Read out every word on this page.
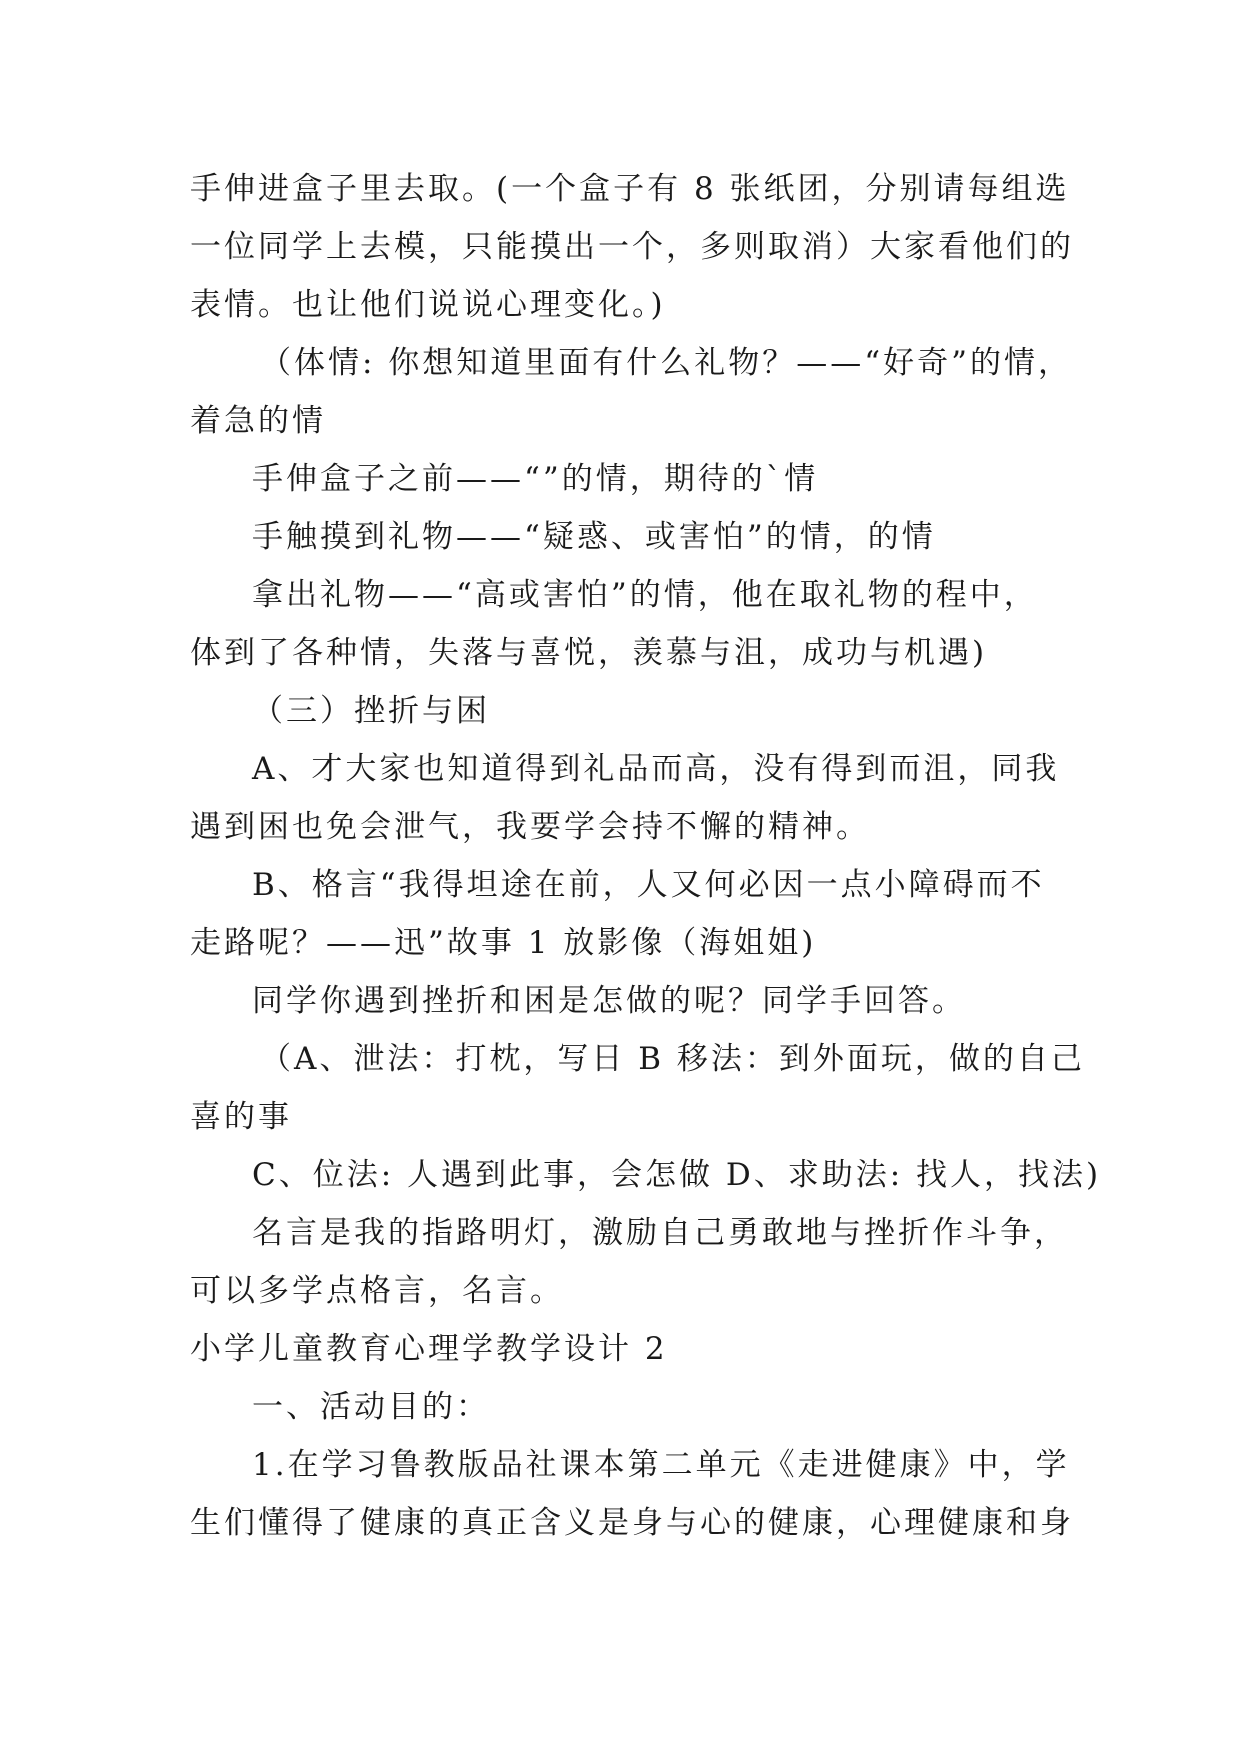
手伸进盒子里去取。(一个盒子有 8 张纸团，分别请每组选
一位同学上去模，只能摸出一个，多则取消）大家看他们的
表情。也让他们说说心理变化。)
（体情: 你想知道里面有什么礼物？——“好奇”的情，
着急的情
手伸盒子之前——“”的情，期待的`情
手触摸到礼物——“疑惑、或害怕”的情，的情
拿出礼物——“高或害怕”的情，他在取礼物的程中，
体到了各种情，失落与喜悦，羡慕与沮，成功与机遇)
（三）挫折与困
A、才大家也知道得到礼品而高，没有得到而沮，同我
遇到困也免会泄气，我要学会持不懈的精神。
B、格言“我得坦途在前，人又何必因一点小障碍而不
走路呢？——迅”故事 1 放影像（海姐姐)
同学你遇到挫折和困是怎做的呢？同学手回答。
（A、泄法：打枕，写日 B 移法：到外面玩，做的自己
喜的事
C、位法: 人遇到此事，会怎做 D、求助法: 找人，找法)
名言是我的指路明灯，激励自己勇敢地与挫折作斗争，
可以多学点格言，名言。
小学儿童教育心理学教学设计 2
一、活动目的：
1.在学习鲁教版品社课本第二单元《走进健康》中，学
生们懂得了健康的真正含义是身与心的健康，心理健康和身
